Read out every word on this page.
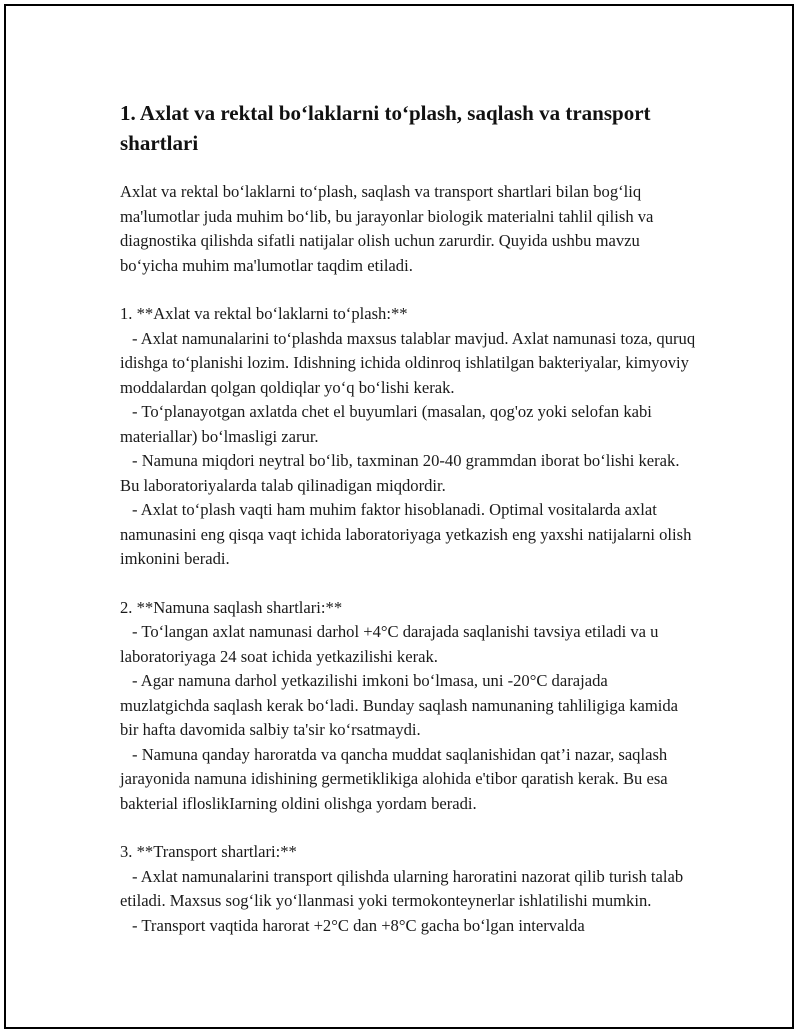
1. Axlat va rektal bo‘laklarni to‘plash, saqlash va transport shartlari

Axlat va rektal bo‘laklarni to‘plash, saqlash va transport shartlari bilan bog‘liq ma'lumotlar juda muhim bo‘lib, bu jarayonlar biologik materialni tahlil qilish va diagnostika qilishda sifatli natijalar olish uchun zarurdir. Quyida ushbu mavzu bo‘yicha muhim ma'lumotlar taqdim etiladi.

1. **Axlat va rektal bo‘laklarni to‘plash:**

- Axlat namunalarini to‘plashda maxsus talablar mavjud. Axlat namunasi toza, quruq idishga to‘planishi lozim. Idishning ichida oldinroq ishlatilgan bakteriyalar, kimyoviy moddalardan qolgan qoldiqlar yo‘q bo‘lishi kerak.

- To‘planayotgan axlatda chet el buyumlari (masalan, qog'oz yoki selofan kabi materiallar) bo‘lmasligi zarur.

- Namuna miqdori neytral bo‘lib, taxminan 20-40 grammdan iborat bo‘lishi kerak. Bu laboratoriyalarda talab qilinadigan miqdordir.

- Axlat to‘plash vaqti ham muhim faktor hisoblanadi. Optimal vositalarda axlat namunasini eng qisqa vaqt ichida laboratoriyaga yetkazish eng yaxshi natijalarni olish imkonini beradi.

2. **Namuna saqlash shartlari:**

- To‘langan axlat namunasi darhol +4°C darajada saqlanishi tavsiya etiladi va u laboratoriyaga 24 soat ichida yetkazilishi kerak.

- Agar namuna darhol yetkazilishi imkoni bo‘lmasa, uni -20°C darajada muzlatgichda saqlash kerak bo‘ladi. Bunday saqlash namunaning tahliligiga kamida bir hafta davomida salbiy ta'sir ko‘rsatmaydi.

- Namuna qanday haroratda va qancha muddat saqlanishidan qat’i nazar, saqlash jarayonida namuna idishining germetiklikiga alohida e'tibor qaratish kerak. Bu esa bakterial ifloslikIarning oldini olishga yordam beradi.

3. **Transport shartlari:**

- Axlat namunalarini transport qilishda ularning haroratini nazorat qilib turish talab etiladi. Maxsus sog‘lik yo‘llanmasi yoki termokonteynerlar ishlatilishi mumkin.

- Transport vaqtida harorat +2°C dan +8°C gacha bo‘lgan intervalda
